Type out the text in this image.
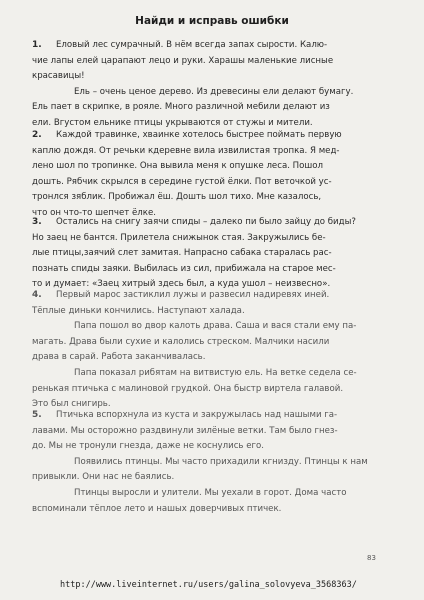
Найди и исправь ошибки
1. Еловый лес сумрачный. В нём всегда запах сырости. Калю-
чие лапы елей царапают лецо и руки. Харашы маленькие лисные
красавицы!
Ель – очень ценое дерево. Из древесины ели делают бумагу.
Ель пает в скрипке, в рояле. Много различной мебили делают из
ели. Вгустом ельнике птицы укрываются от стужы и мители.
2. Каждой травинке, хваинке хотелось быстрее поймать первую
каплю дождя. От речьки кдеревне вила извилистая тропка. Я мед-
лено шол по тропинке. Она вывила меня к опушке леса. Пошол
дошть. Рябчик скрылся в середине густой ёлки. Пот веточкой ус-
тронлся зяблик. Пробижал ёш. Дошть шол тихо. Мне казалось,
что он что-то шепчет ёлке.
3. Остались на снигу заячи спиды – далеко пи было зайцу до биды?
Но заец не бантся. Прилетела снижынок стая. Закружылись бе-
лые птицы,заячий слет замитая. Напрасно сабака старалась рас-
познать спиды заяки. Выбилась из сил, прибижала на старое мес-
то и думает: «Заец хитрый здесь был, а куда ушол – неизвесно».
4. Первый марос застиклил лужы и развесил надиревях иней.
Тёплые диньки кончились. Наступают халада.
Папа пошол во двор калоть драва. Саша и вася стали ему па-
магать. Драва были сухие и калолись стреском. Малчики насили
драва в сарай. Работа заканчивалась.
Папа показал рибятам на витвистую ель. На ветке седела се-
ренькая птичька с малиновой грудкой. Она быстр виртела галавой.
Это был снигирь.
5. Птичька вспорхнула из куста и закружылась над нашыми га-
лавами. Мы осторожно раздвинули зилёные ветки. Там было гнез-
до. Мы не тронули гнезда, даже не коснулись его.
Появились птинцы. Мы часто прихадили кгнизду. Птинцы к нам
привыкли. Они нас не баялись.
Птинцы выросли и улители. Мы уехали в горот. Дома часто
вспоминали тёплое лето и нашых доверчивых птичек.
83
http://www.liveinternet.ru/users/galina_solovyeva_3568363/
